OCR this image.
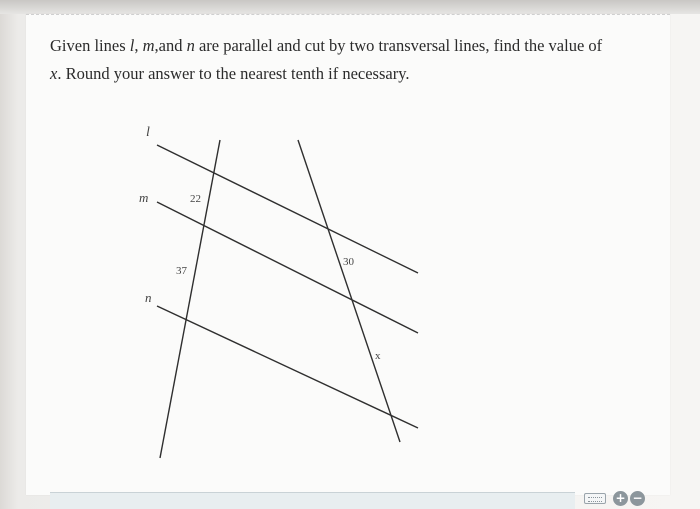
Given lines l, m,and n are parallel and cut by two transversal lines, find the value of
x. Round your answer to the nearest tenth if necessary.
l
m
n
22
37
30
x
+ −
